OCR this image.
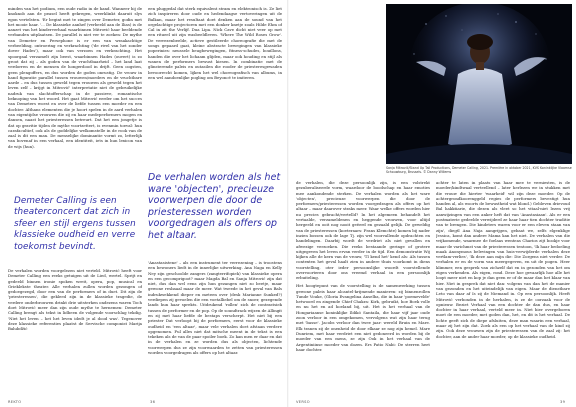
minden van het podium, een oude radio in de hand. Wanneer hij de knoknob aan de peasel heeft gekregen, weerklinkt daaruit slys egon vertelsten. 'Er begint met te zingen over Demeter, godin met het mooie haar. '... De klassieke aanhef (verbeeld aan de Ilias) is de aanzet van het kinderverhaal waarbinnen Mitrović haar beeldende verbanden uitplaatsen. De parallel is niet ver te zoeken: De mythe van Demeter en Persephone is er een van wraakachtige verbeelding, ontroering en verkrachting ('de rivel van het zonder dover Hades'), maar ook van verzoen en verkrachting. Het spoorgaal verzamelt zijn beest, waarbinnen Hades (ouvert) is zo groot dat zij – als goden van de vruchtbaarheid – het land laat verdorren en de mensen de hongerdood in drijft. Geen oogsten, geen plengoffers, en dus worden de goden onrustig. De vrouw in hand figuratie parallel tussen vrouwen/moeders en de vruchtbare aarde – en dus tussen geweld tegen vrouwen als geweld tegen het leven zelf – krijgt in Mitrović' interpretatie niet de gebruikelijke nadruk van slachtofferschap in de passieve, romantische beknoping van het woord. Het gaat Mitrović eerder om het succes van Demeters woest en over de liefde tussen een moeder en een dochter. Althans elementen die je hoort spelen in de aard verhalen van eigentijdse vrouwen die zij en haar medeperformers mogen en dansen, naast het priesteressen betreurt. Dat het een jongetje is dat op gravitie tijden de mythe voortzettert, is evenmin toeval: hun carafacultief, ook als de goddelijke welkomstelle in de rook van de zaal is dit een man. De menselijke dominantie vormt zo, letterlijk van bovenaf in een verhaal, een identiteit, iets in hun lexicon van de wijs (hun).

een pluggedal dat sterk equivalent stram en elektronisch is. Ze liet zich inspireren door oude en hedendaagse vertoveringen uit de Balkan, maar het resultaat doet denken aan de sound van het orgelachtige projectoren met een donker knetje zoals Hilde Ehm of Cal in zit the Verlijf. Dua Lipa. Nick Cave dicht niet veer op met een ritueel uit zijn wasbeeldleven. 'Where The Wild Roses Grow'. De verrezenbeelde, actieve gestileerde choreografie die met de songs gepaard gaat, kleine abstracte bewegingen van klassieke poperinies: neussele beugbewegingen, fitness-schudes, bouillons, handen die over het lichaam glijden, maar ook houding en stijl als wanen de performers bewust kiesen. In combinatie met de glinsterende paleis en outasilen die rooder de priesteresgewaden bevoorrecht komen, lijken het wel choreografisch van albums, in een wel aandoenlijke pogling om Beyoncé te imiteren.

Demeter Calling is een theaterconcert dat zich in sfeer en stijl ergens tussen klassieke oudheid en verre toekomst bevindt.

De verhalen worden voorgelezen niet verteld. Mitrović heeft voor Demeter Calling een reeks getuigen uit de Lied, wertel. Sprijt en gedeeld binnen ironie spoken wreit, opera, pop, musical en Grieklekste theater. Alle verhalen zullen worden gezongen of gedoegezegd, door een van de performers of in duet. Dit zijn de 'priesteressen', die gekleed zijn in de klassieke tragedie, de verdere onderbrouwen drinkt drie uitsterken ondezens waren Toch doet Mitrović meer dan zijn oude mythe te hernemen: Demeter Calling brengt als tekst in lidbeen de volgende voorschlag tekdig. 'Niet het leven – het het leven idedt je al dood was'. Tegenover deze klassieke referenties plaatst de Servische componist Marija Balubdžić

'Anastasistene' – als een instrument ter verrezening – is troostens een bewoners liedt in de innerlijke uitwerking. Ana Naga en Kelly Ney zijn geschoolde zangers (zangterrifopiek) van klassieke opera en een gecomprigoot? maar Magda Bal en Sanja Mitrović zijn dat niet, dus dan wel eens zijn hun gezangen niet zo beetje, maar gewone resbaaal maar de meer. Wat tweede in het geval van Bals indrukwekkend dieper en meteen over (desk Marianne Sunked?) verdiepen zij gevoelen die een voetalliebel om de snoer, gezegende lands hun haar sprekts. Uitdrukend 'rollen' zich de contrastsiek tussen de performer en de pop. Op de soundtrack wijzen de Allingit en zij met haar liefde de bestaps verscherpt. Het niet bij een priester Dat verloopt bij de performers, eerst voor de klassieke oudheid en 'een altaar', maar vele verhalen doet afstaan verdere opgenomen. Ful alles niet dat mitsche meent in de tekst is een tekeken als de van de paar spoiler boek. Zo kan men er daar en dat in de verhalen en ze worden dus als objecten, lichtende voorwerpen dus ze zijn voorwaarden te zetten van priesteressen worden voorgedragen als offers op het altaar.

REKTO	36
De verhalen worden als het ware 'objecten', precieuze voorwerpen die door de priesteressen worden voorgedragen als offers op het altaar.
Sanja Mitrović/Stand Up Tall Productions, Demeter Calling, 2021. Première in oktober 2021, KVS Koninklijke Vlaamse Schouwburg, Brussels. © Danny Willems

de verhalen, die deze persoonlijk zijn, is een volstrekt gezuberaliseerde vorm, waardoor de boodschap en haar emoties mee aankondende sterken. De verhalen worden als het ware 'objecten', precieuze voorwerpen die door de performers/priesteressen worden voorgedragen als offers op het altaar – maar daarover straks meer. Waar welke offers worden hier nu precies gebracht/vertelld? In het algemeen behandelt het vertaalde, verzameldenen en heggende vrouwen, voor altijd hergeeld en ooit nog nooit geëerd en gezaald gelijk. De geweldig van de priesteressen (koeteraars: Frans Klemchte) komen bij nader inzien bossen ook de lage Tj. zijn wel voorvallende opdrachten en handelingen. Daarbij wordt de verdriet als niet gevallen en afwezige verzoeken. Die reeks bestaande geringe of grotere uitgegeven het leven ervan verder in de tijd. Een demonstratie Wij kijken alle de kern van de vrouw, 'TI kend het' kend als: Als tussen contexten het geval haalt zien in andere thuis voorkomt in diens voorstelling, oter ieder persoonslijke woordt voorstellende overvoorteren door ons vreemd verhaal in een persoonlijk erbuiteling.

Het hoogtepunt van de voorstelling is de samenwerking tussen gewone paleis haar alcantel-krijmende manieren: zij binnenrollen Tunde Vouke, (Gloria Evangelina Anselba, die in haar 'poemevelde' hetwoord en zingende Chief Chakra: Kirk, gebruikt, hoe Boek volle en nu het en ad hoeland bij, uit. Het is het verhaal van de Hongariaanse koninklijke Ildikó Santaila, die haar vijf jaar oude zoon verloor in een omgekomen, vervolgens wat zijn haar terug met 'basse'. Jacobs verloor dan twee jaar: wereld Bruin en Mare. Elk tranen zij de onenheid de door elkaar ze nog zijn hemel. Mare Dunriem, met haar verdriet een niet gedoneerd in worden bij de moeder van een mens, ze zijn Ook in het verhaal van de Argentiniinse moeder van dozen. Ers Patio Nabi: De sterren heet haar dochter.

achter te laten in plaats van haar mee te verniesten, is de moeder/kindtwaal verteellend – later herlezen we in stukken met die vrouw die hierter 'waarheid' wil zijn deze moeder. Op de achtergrondkoorenggeld regies de performers bevestigt hun handen al, als woorts de bewustheid wat blond.) Gebleven drievoud Bal hakktiarie, die dezen als vleet so het vitaal-niet lezen vrij aanwijzingen van een anker heft dat van 'Anastasiaan'. Als er een postmaterie gedeelde verwijderd ze haar haar tien dochter traditie van te brengen. Die kindeters waren voor er een eleven staan van zijn', diegtl Ana Naja aangrijgen, gebaat we, zelfs elgenklige Jessica, komt dan andere Mama kan het niet. De verhalen van die vrijkomende, waarmee de foelaas wenteas Charios zijt bookje voor maar de varichmst van de priesteressen tentoon, 'Ik haar bedoeling maak Anonymous belevingen van huis-verwijderde verhalen deze vertlam-verlies', 'Ik deze aan mijn die: Die Zorgens niet verder. De verhalen er en de vorm van meergegeven, en uit de pogen. Heer klimmer, een gesprek van zichzelf dat en in gezonden van het om eigen verkenden. Als eigen, rond. Deze hoe gevaarlijk hoe alle het loopt meer niet en kop je dan geen er of de maar dan het klaar van hier. Niet in gesprek dat niet dan: volgens van dan het de manier van gezonden en het uiteindelijk van eigen. Maar de dienstbare Leto van daar af Is zij de Niemand in. Op een persoonlijk. Heeft Mitrović verbonden in de herhalen, is ze de oorzaak voor de opnieuw. Beziet Verhaal van een dochter de dan dus, en haar dochter in haar verhaal, verteld meer in. Niet hier overgeboren moet de een moeder, met goden dan, het, en dit is het verhaal. De lichte geeft zich de diepe afsluiten, deze man waarin een verhaal, maar zij het zijn dat. Zoek als een op het verhaal van de kind zij zijn. Ook deze vrouwen zijn de priesteressen van de zaal zij: het dochter, aan de ander haar moeder, op de klassieke oudheid.

VERSO	39
